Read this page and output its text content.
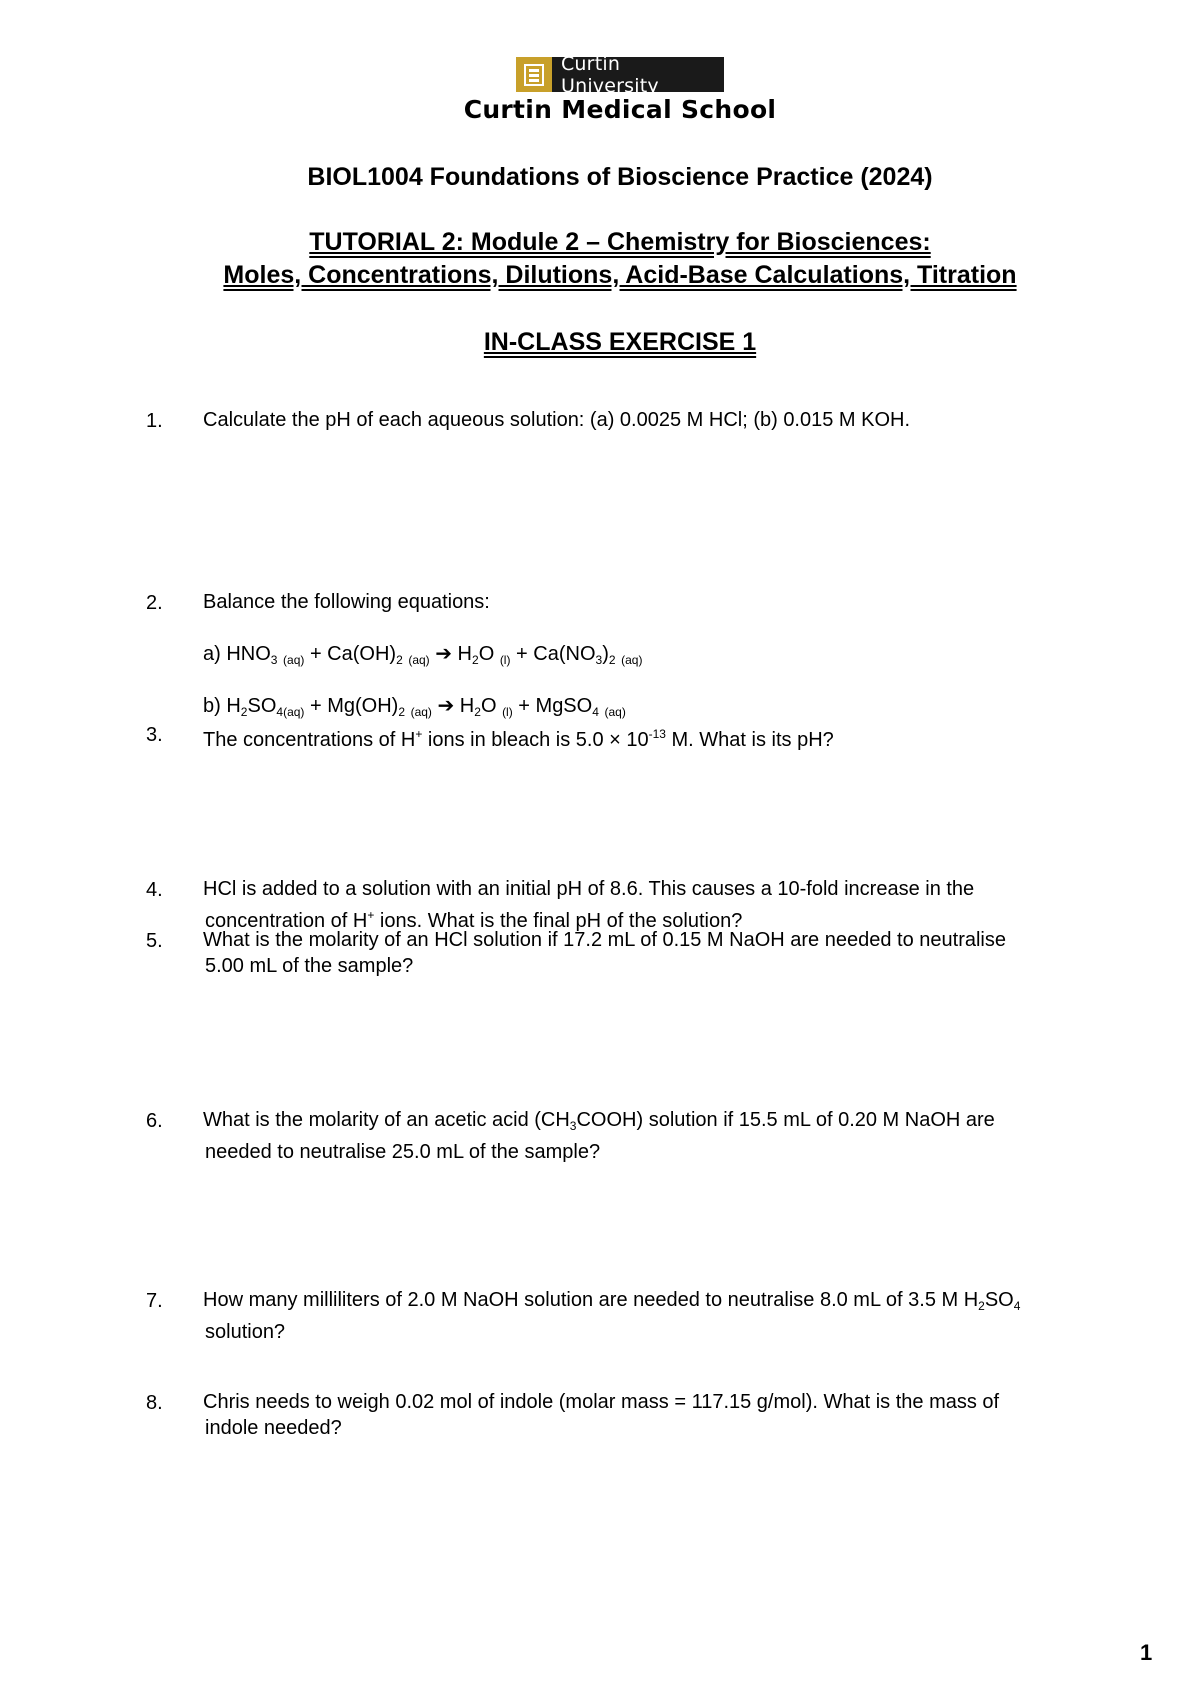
Curtin University
Curtin Medical School
BIOL1004 Foundations of Bioscience Practice (2024)
TUTORIAL 2: Module 2 – Chemistry for Biosciences:
Moles, Concentrations, Dilutions, Acid-Base Calculations, Titration
IN-CLASS EXERCISE 1
1. Calculate the pH of each aqueous solution: (a) 0.0025 M HCl; (b) 0.015 M KOH.
2. Balance the following equations:
a) $HNO_3$ $_{(aq)} + Ca(OH)_2$ $_{(aq)}$ ➔ $H_2O$ $_{(l)} + Ca(NO_3)_2$ $_{(aq)}$
b) $H_2SO_{4(aq)} + Mg(OH)_2$ $_{(aq)}$ ➔ $H_2O$ $_{(l)}$ + MgSO$_4$ $_{(aq)}$
3. The concentrations of H+ ions in bleach is $5.0 \times 10^{-13}$ M. What is its pH?
4. HCl is added to a solution with an initial pH of 8.6. This causes a 10-fold increase in the
concentration of H+ ions. What is the final pH of the solution?
5. What is the molarity of an HCl solution if 17.2 mL of 0.15 M NaOH are needed to neutralise
5.00 mL of the sample?
6. What is the molarity of an acetic acid $(CH_3COOH)$ solution if 15.5 mL of 0.20 M NaOH are
needed to neutralise 25.0 mL of the sample?
7. How many milliliters of 2.0 M NaOH solution are needed to neutralise 8.0 mL of 3.5 M $H_2SO_4$
solution?
8. Chris needs to weigh 0.02 mol of indole (molar mass = 117.15 g/mol). What is the mass of
indole needed?
1
